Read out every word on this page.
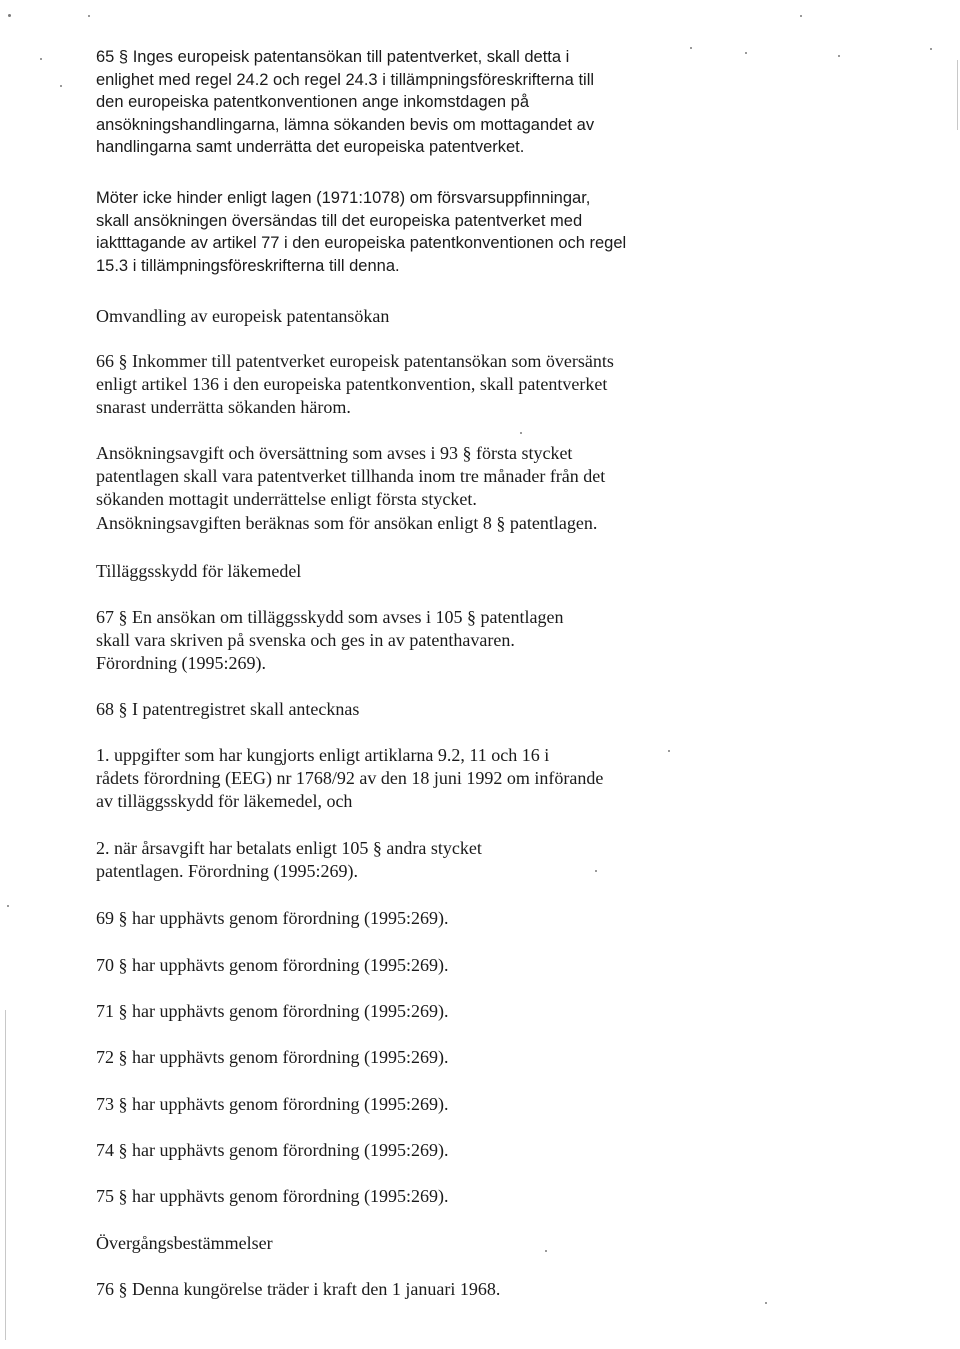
65 § Inges europeisk patentansökan till patentverket, skall detta i

enlighet med regel 24.2 och regel 24.3 i tillämpningsföreskrifterna till

den europeiska patentkonventionen ange inkomstdagen på

ansökningshandlingarna, lämna sökanden bevis om mottagandet av

handlingarna samt underrätta det europeiska patentverket.

Möter icke hinder enligt lagen (1971:1078) om försvarsuppfinningar,

skall ansökningen översändas till det europeiska patentverket med

iaktttagande av artikel 77 i den europeiska patentkonventionen och regel

15.3 i tillämpningsföreskrifterna till denna.

Omvandling av europeisk patentansökan

66 § Inkommer till patentverket europeisk patentansökan som översänts

enligt artikel 136 i den europeiska patentkonvention, skall patentverket

snarast underrätta sökanden härom.

Ansökningsavgift och översättning som avses i 93 § första stycket

patentlagen skall vara patentverket tillhanda inom tre månader från det

sökanden mottagit underrättelse enligt första stycket.

Ansökningsavgiften beräknas som för ansökan enligt 8 § patentlagen.

Tilläggsskydd för läkemedel

67 § En ansökan om tilläggsskydd som avses i 105 § patentlagen

skall vara skriven på svenska och ges in av patenthavaren.

Förordning (1995:269).

68 § I patentregistret skall antecknas

1. uppgifter som har kungjorts enligt artiklarna 9.2, 11 och 16 i

rådets förordning (EEG) nr 1768/92 av den 18 juni 1992 om införande

av tilläggsskydd för läkemedel, och

2. när årsavgift har betalats enligt 105 § andra stycket

patentlagen. Förordning (1995:269).

69 § har upphävts genom förordning (1995:269).

70 § har upphävts genom förordning (1995:269).

71 § har upphävts genom förordning (1995:269).

72 § har upphävts genom förordning (1995:269).

73 § har upphävts genom förordning (1995:269).

74 § har upphävts genom förordning (1995:269).

75 § har upphävts genom förordning (1995:269).

Övergångsbestämmelser

76 § Denna kungörelse träder i kraft den 1 januari 1968.
